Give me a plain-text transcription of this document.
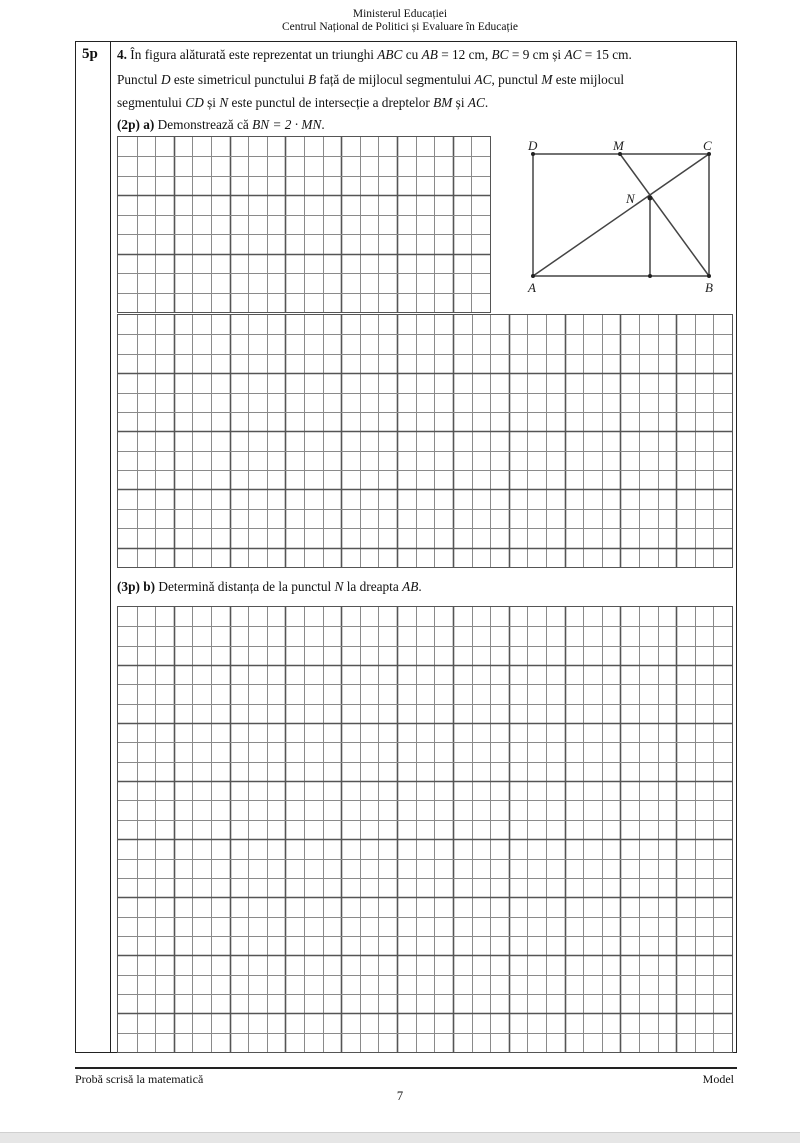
Ministerul Educației
Centrul Național de Politici și Evaluare în Educație
5p 4. În figura alăturată este reprezentat un triunghi ABC cu AB = 12 cm, BC = 9 cm și AC = 15 cm.
Punctul D este simetricul punctului B față de mijlocul segmentului AC, punctul M este mijlocul
segmentului CD și N este punctul de intersecție a dreptelor BM și AC.
(2p) a) Demonstrează că BN = 2 · MN.
(3p) b) Determină distanța de la punctul N la dreapta AB.
D	M	C
N
A	B
Probă scrisă la matematică	Model
7
